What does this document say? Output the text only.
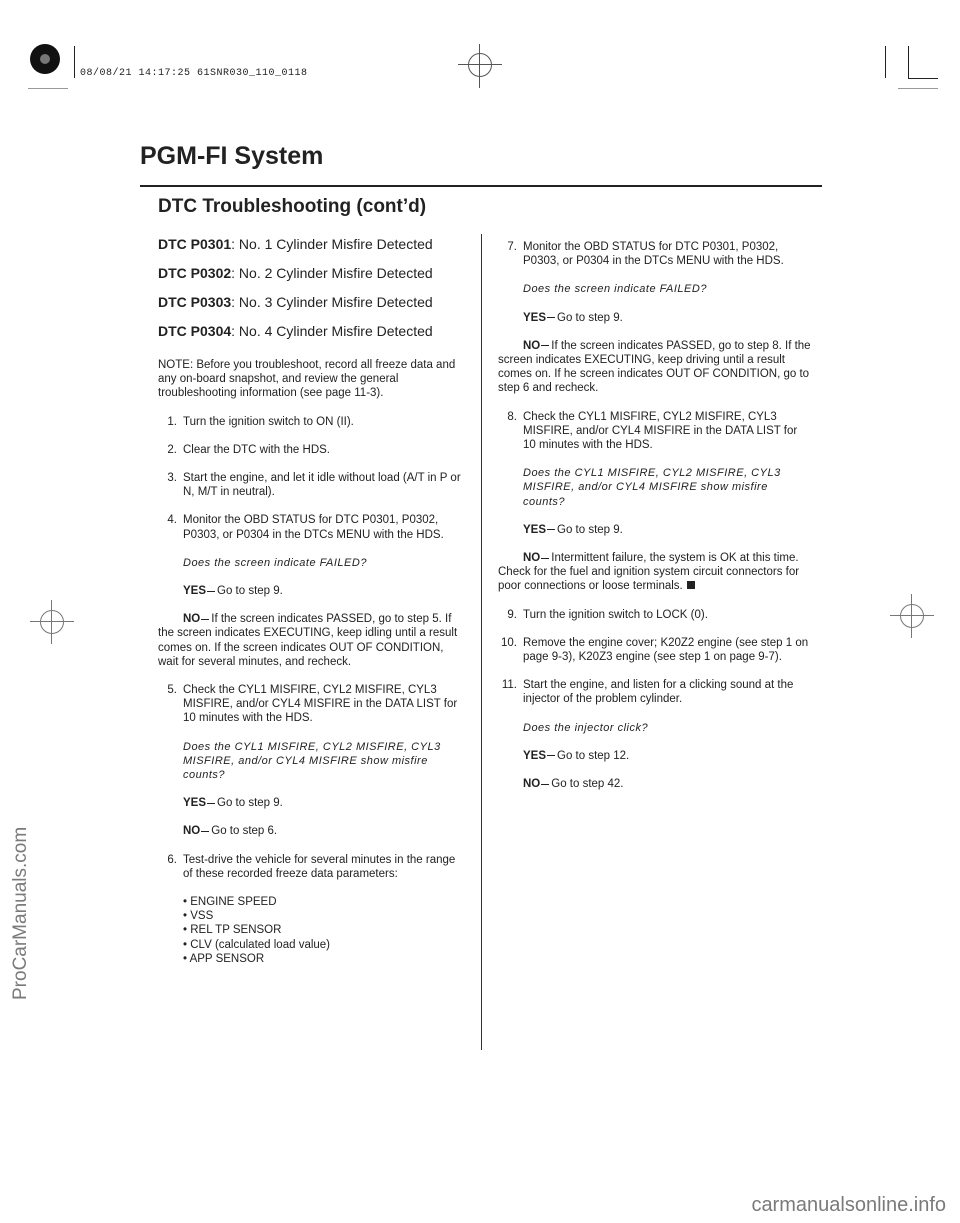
08/08/21 14:17:25 61SNR030_110_0118
PGM-FI System
DTC Troubleshooting (cont’d)

DTC P0301: No. 1 Cylinder Misfire Detected

DTC P0302: No. 2 Cylinder Misfire Detected

DTC P0303: No. 3 Cylinder Misfire Detected

DTC P0304: No. 4 Cylinder Misfire Detected

NOTE: Before you troubleshoot, record all freeze data and any on-board snapshot, and review the general troubleshooting information (see page 11-3).

1. Turn the ignition switch to ON (II).

2. Clear the DTC with the HDS.

3. Start the engine, and let it idle without load (A/T in P or N, M/T in neutral).

4. Monitor the OBD STATUS for DTC P0301, P0302, P0303, or P0304 in the DTCs MENU with the HDS.

Does the screen indicate FAILED?

YES Go to step 9.

NO If the screen indicates PASSED, go to step 5. If the screen indicates EXECUTING, keep idling until a result comes on. If the screen indicates OUT OF CONDITION, wait for several minutes, and recheck.

5. Check the CYL1 MISFIRE, CYL2 MISFIRE, CYL3 MISFIRE, and/or CYL4 MISFIRE in the DATA LIST for 10 minutes with the HDS.

Does the CYL1 MISFIRE, CYL2 MISFIRE, CYL3 MISFIRE, and/or CYL4 MISFIRE show misfire counts?

YES Go to step 9.

NO Go to step 6.

6. Test-drive the vehicle for several minutes in the range of these recorded freeze data parameters:

• ENGINE SPEED
• VSS
• REL TP SENSOR
• CLV (calculated load value)
• APP SENSOR

7. Monitor the OBD STATUS for DTC P0301, P0302, P0303, or P0304 in the DTCs MENU with the HDS.

Does the screen indicate FAILED?

YES Go to step 9.

NO If the screen indicates PASSED, go to step 8. If the screen indicates EXECUTING, keep driving until a result comes on. If he screen indicates OUT OF CONDITION, go to step 6 and recheck.

8. Check the CYL1 MISFIRE, CYL2 MISFIRE, CYL3 MISFIRE, and/or CYL4 MISFIRE in the DATA LIST for 10 minutes with the HDS.

Does the CYL1 MISFIRE, CYL2 MISFIRE, CYL3 MISFIRE, and/or CYL4 MISFIRE show misfire counts?

YES Go to step 9.

NO Intermittent failure, the system is OK at this time. Check for the fuel and ignition system circuit connectors for poor connections or loose terminals.

9. Turn the ignition switch to LOCK (0).

10. Remove the engine cover; K20Z2 engine (see step 1 on page 9-3), K20Z3 engine (see step 1 on page 9-7).

11. Start the engine, and listen for a clicking sound at the injector of the problem cylinder.

Does the injector click?

YES Go to step 12.

NO Go to step 42.

ProCarManuals.com
carmanualsonline.info
